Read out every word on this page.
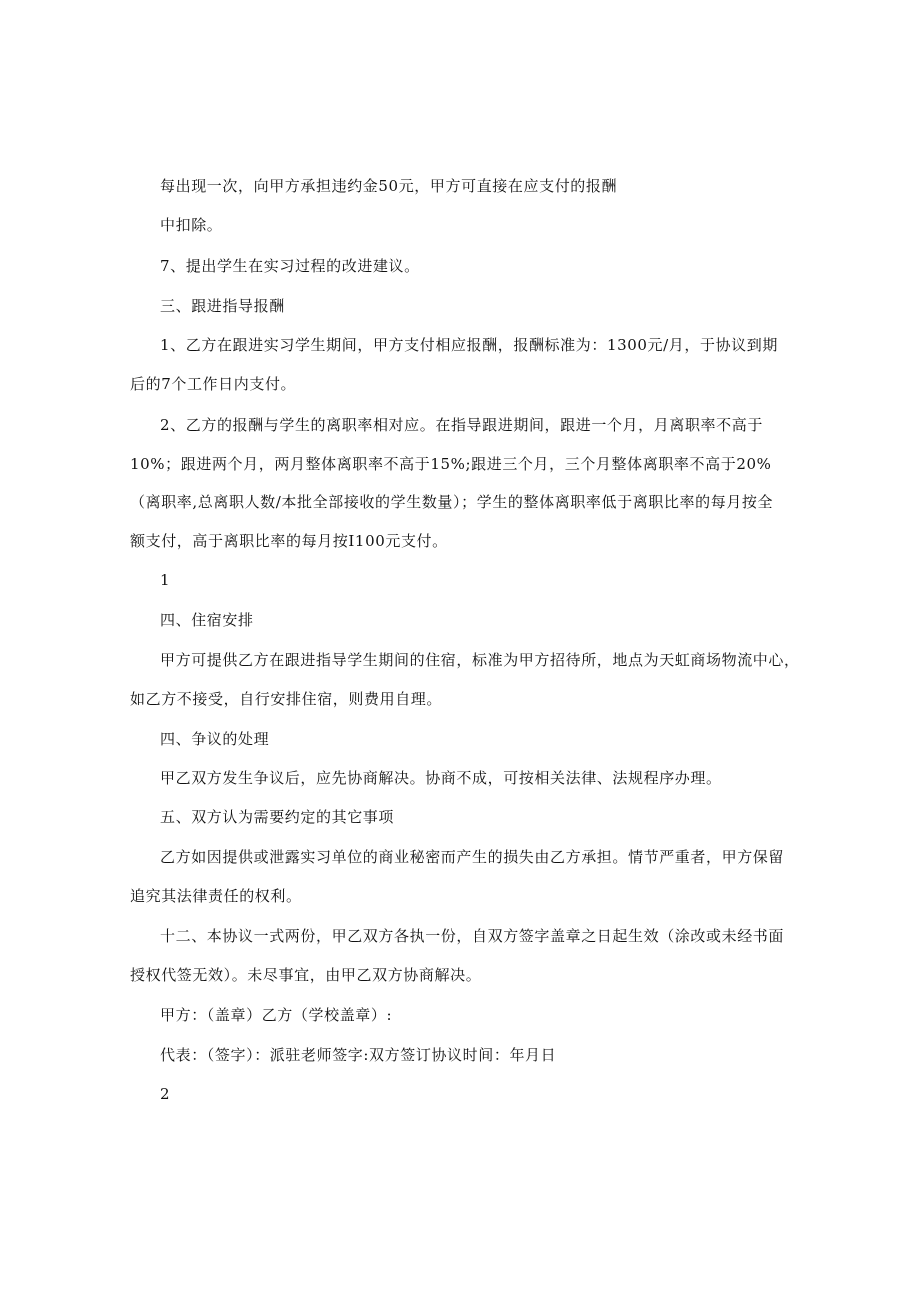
每出现一次，向甲方承担违约金50元，甲方可直接在应支付的报酬
中扣除。
7、提出学生在实习过程的改进建议。
三、跟进指导报酬
1、乙方在跟进实习学生期间，甲方支付相应报酬，报酬标准为：1300元/月，于协议到期
后的7个工作日内支付。
2、乙方的报酬与学生的离职率相对应。在指导跟进期间，跟进一个月，月离职率不高于
10%；跟进两个月，两月整体离职率不高于15%;跟进三个月，三个月整体离职率不高于20%
（离职率,总离职人数/本批全部接收的学生数量）；学生的整体离职率低于离职比率的每月按全
额支付，高于离职比率的每月按I100元支付。
1
四、住宿安排
甲方可提供乙方在跟进指导学生期间的住宿，标准为甲方招待所，地点为天虹商场物流中心，
如乙方不接受，自行安排住宿，则费用自理。
四、争议的处理
甲乙双方发生争议后，应先协商解决。协商不成，可按相关法律、法规程序办理。
五、双方认为需要约定的其它事项
乙方如因提供或泄露实习单位的商业秘密而产生的损失由乙方承担。情节严重者，甲方保留
追究其法律责任的权利。
十二、本协议一式两份，甲乙双方各执一份，自双方签字盖章之日起生效（涂改或未经书面
授权代签无效）。未尽事宜，由甲乙双方协商解决。
甲方：（盖章）乙方（学校盖章）:
代表：（签字）：派驻老师签字:双方签订协议时间：年月日
2
